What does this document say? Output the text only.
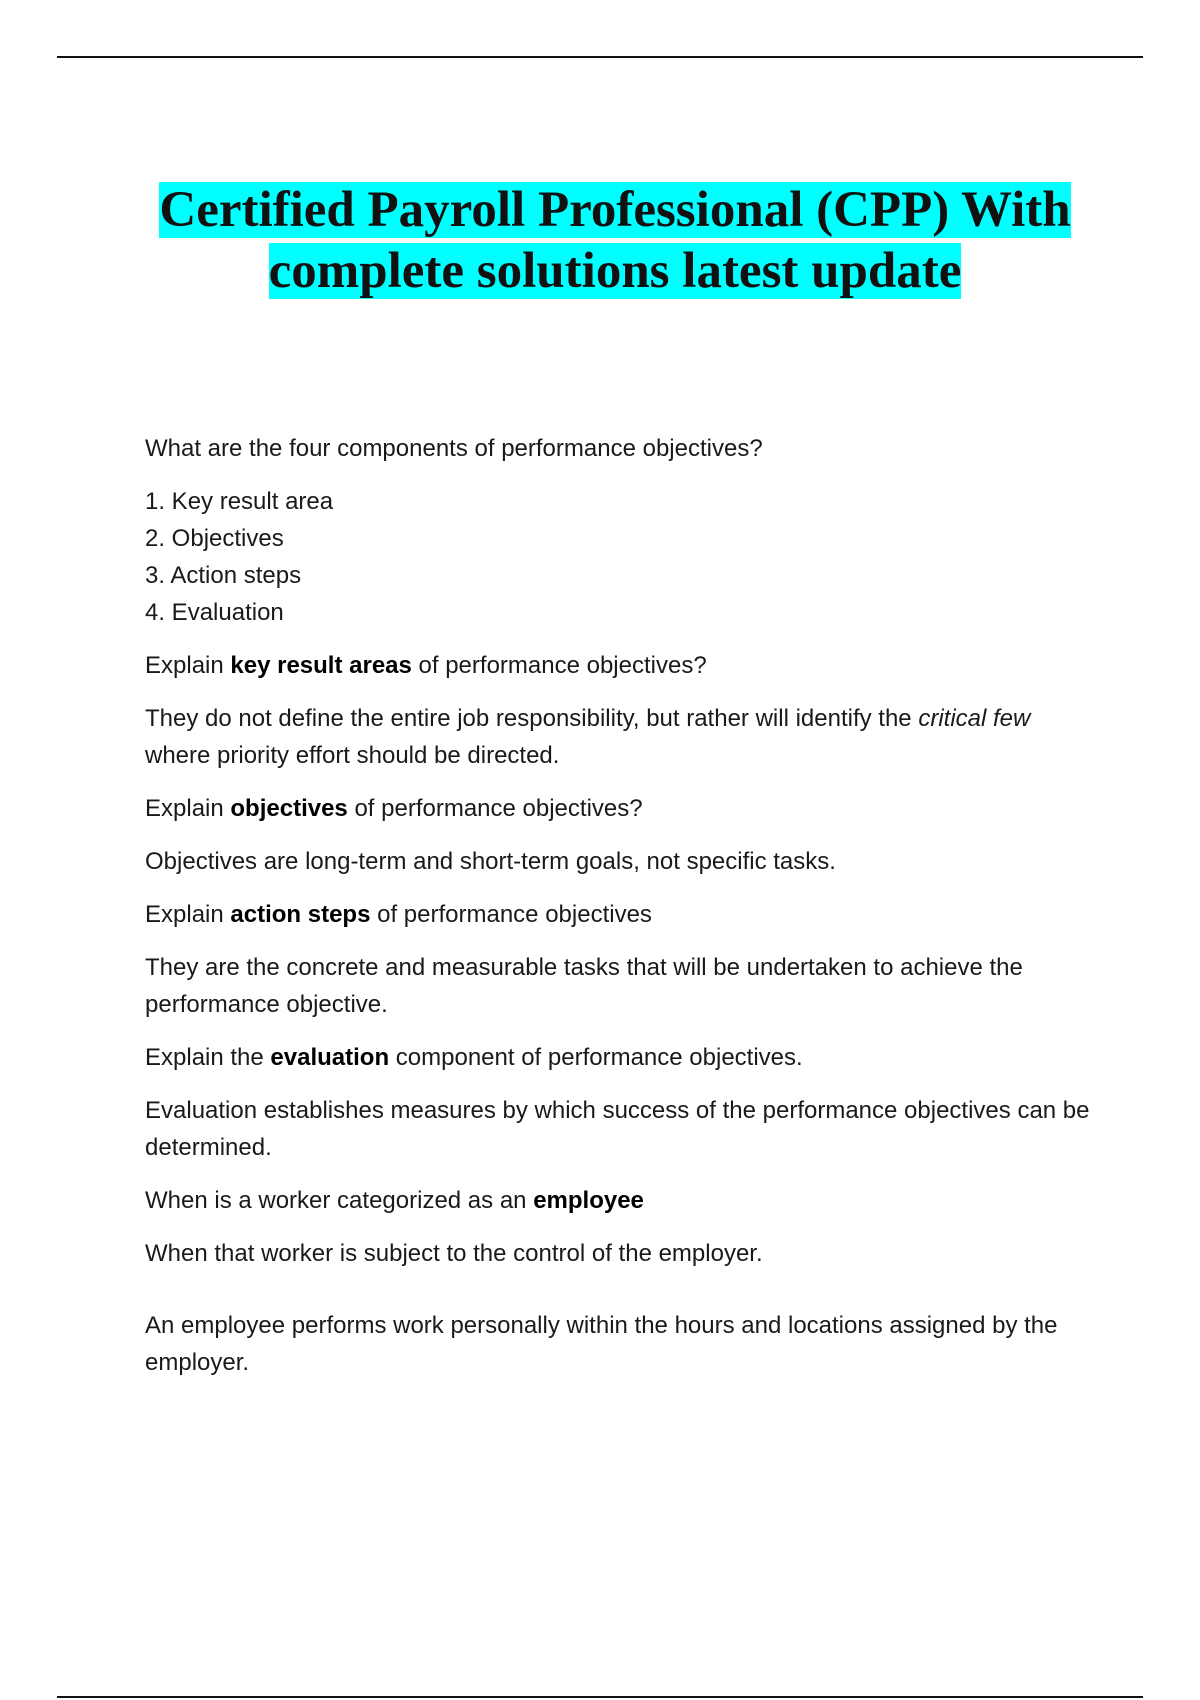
Certified Payroll Professional (CPP) With
complete solutions latest update

What are the four components of performance objectives?

1. Key result area

2. Objectives

3. Action steps

4. Evaluation

Explain key result areas of performance objectives?

They do not define the entire job responsibility, but rather will identify the critical few where priority effort should be directed.

Explain objectives of performance objectives?

Objectives are long-term and short-term goals, not specific tasks.

Explain action steps of performance objectives

They are the concrete and measurable tasks that will be undertaken to achieve the performance objective.

Explain the evaluation component of performance objectives.

Evaluation establishes measures by which success of the performance objectives can be determined.

When is a worker categorized as an employee

When that worker is subject to the control of the employer.

An employee performs work personally within the hours and locations assigned by the employer.
